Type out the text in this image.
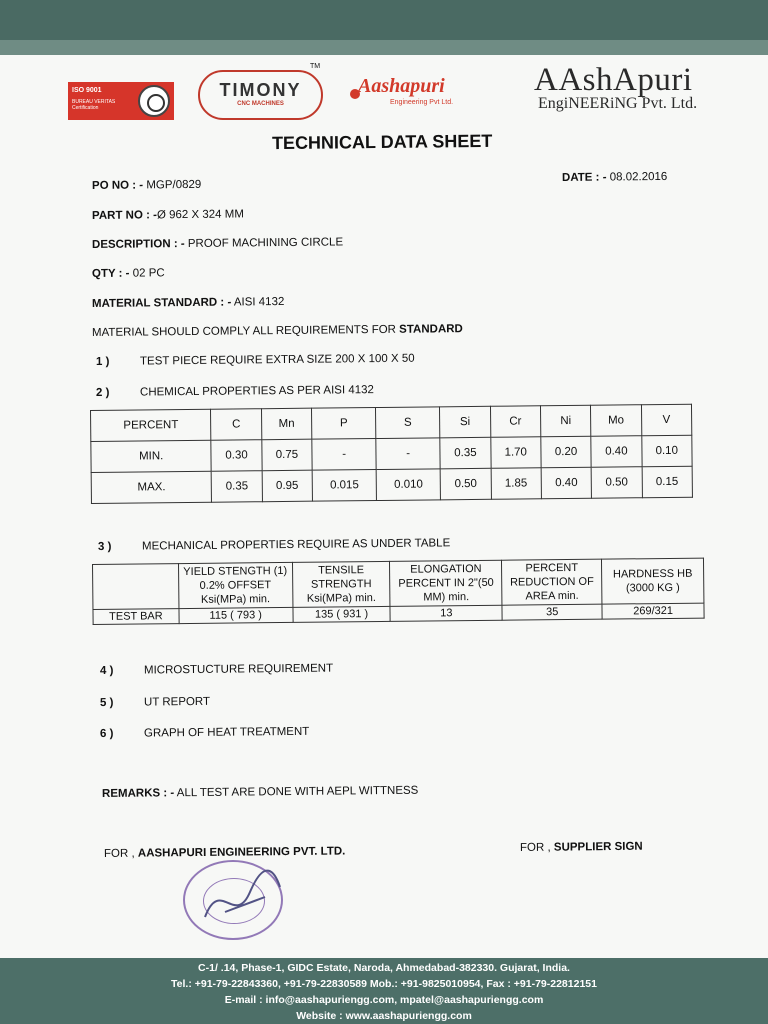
ISO 9001
BUREAU VERITAS
Certification
TM
TIMONY
CNC MACHINES
Aashapuri
Engineering Pvt Ltd.
AAshApuri
EngiNEERiNG Pvt. Ltd.
TECHNICAL DATA SHEET
PO NO : - MGP/0829
DATE : - 08.02.2016
PART NO : -Ø 962 X 324 MM
DESCRIPTION : - PROOF MACHINING CIRCLE
QTY : - 02 PC
MATERIAL STANDARD : - AISI 4132
MATERIAL SHOULD COMPLY ALL REQUIREMENTS FOR STANDARD
1 )	TEST PIECE REQUIRE EXTRA SIZE 200 X 100 X 50
2 )	CHEMICAL PROPERTIES AS PER AISI 4132
PERCENT	C	Mn	P	S	Si	Cr	Ni	Mo	V
MIN.	0.30	0.75	-	-	0.35	1.70	0.20	0.40	0.10
MAX.	0.35	0.95	0.015	0.010	0.50	1.85	0.40	0.50	0.15
3 )	MECHANICAL PROPERTIES REQUIRE AS UNDER TABLE
	YIELD STENGTH (1) 0.2% OFFSET Ksi(MPa) min.	TENSILE STRENGTH Ksi(MPa) min.	ELONGATION PERCENT IN 2"(50 MM) min.	PERCENT REDUCTION OF AREA min.	HARDNESS HB (3000 KG )
TEST BAR	115 ( 793 )	135 ( 931 )	13	35	269/321
4 )	MICROSTUCTURE REQUIREMENT
5 )	UT REPORT
6 )	GRAPH OF HEAT TREATMENT
REMARKS : - ALL TEST ARE DONE WITH AEPL WITTNESS
FOR , AASHAPURI ENGINEERING PVT. LTD.	FOR , SUPPLIER SIGN
C-1/ .14, Phase-1, GIDC Estate, Naroda, Ahmedabad-382330. Gujarat, India.
Tel.: +91-79-22843360, +91-79-22830589 Mob.: +91-9825010954, Fax : +91-79-22812151
E-mail : info@aashapuriengg.com, mpatel@aashapuriengg.com
Website : www.aashapuriengg.com
